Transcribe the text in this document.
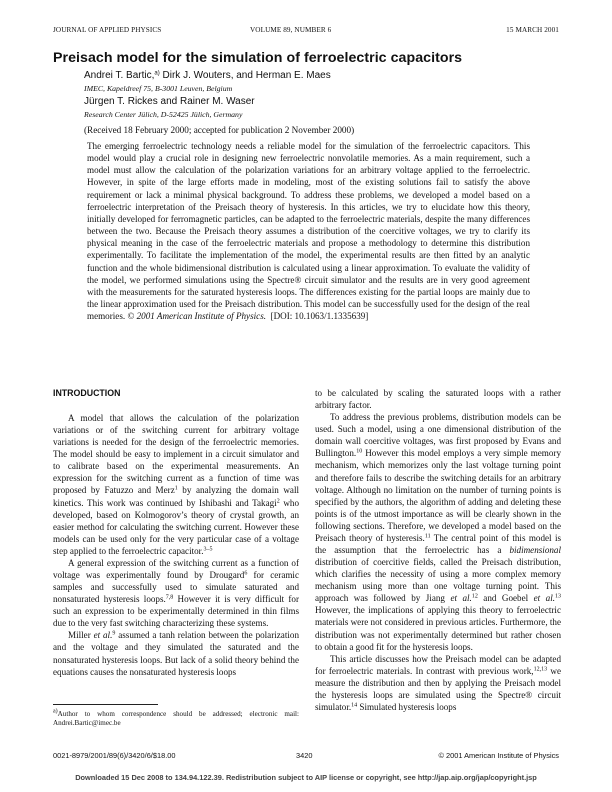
JOURNAL OF APPLIED PHYSICS	VOLUME 89, NUMBER 6	15 MARCH 2001
Preisach model for the simulation of ferroelectric capacitors
Andrei T. Bartic,$^{a)}$ Dirk J. Wouters, and Herman E. Maes
IMEC, Kapeldreef 75, B-3001 Leuven, Belgium
Jürgen T. Rickes and Rainer M. Waser
Research Center Jülich, D-52425 Jülich, Germany
(Received 18 February 2000; accepted for publication 2 November 2000)
The emerging ferroelectric technology needs a reliable model for the simulation of the ferroelectric capacitors. This model would play a crucial role in designing new ferroelectric nonvolatile memories. As a main requirement, such a model must allow the calculation of the polarization variations for an arbitrary voltage applied to the ferroelectric. However, in spite of the large efforts made in modeling, most of the existing solutions fail to satisfy the above requirement or lack a minimal physical background. To address these problems, we developed a model based on a ferroelectric interpretation of the Preisach theory of hysteresis. In this articles, we try to elucidate how this theory, initially developed for ferromagnetic particles, can be adapted to the ferroelectric materials, despite the many differences between the two. Because the Preisach theory assumes a distribution of the coercitive voltages, we try to clarify its physical meaning in the case of the ferroelectric materials and propose a methodology to determine this distribution experimentally. To facilitate the implementation of the model, the experimental results are then fitted by an analytic function and the whole bidimensional distribution is calculated using a linear approximation. To evaluate the validity of the model, we performed simulations using the Spectre® circuit simulator and the results are in very good agreement with the measurements for the saturated hysteresis loops. The differences existing for the partial loops are mainly due to the linear approximation used for the Preisach distribution. This model can be successfully used for the design of the real memories. © 2001 American Institute of Physics.  [DOI: 10.1063/1.1335639]
INTRODUCTION

A model that allows the calculation of the polarization variations or of the switching current for arbitrary voltage variations is needed for the design of the ferroelectric memories. The model should be easy to implement in a circuit simulator and to calibrate based on the experimental measurements. An expression for the switching current as a function of time was proposed by Fatuzzo and Merz$^1$ by analyzing the domain wall kinetics. This work was continued by Ishibashi and Takagi$^2$ who developed, based on Kolmogorov’s theory of crystal growth, an easier method for calculating the switching current. However these models can be used only for the very particular case of a voltage step applied to the ferroelectric capacitor.$^{3-5}$

A general expression of the switching current as a function of voltage was experimentally found by Drougard$^6$ for ceramic samples and successfully used to simulate saturated and nonsaturated hysteresis loops.$^{7,8}$ However it is very difficult for such an expression to be experimentally determined in thin films due to the very fast switching characterizing these systems.

Miller et al.$^9$ assumed a tanh relation between the polarization and the voltage and they simulated the saturated and the nonsaturated hysteresis loops. But lack of a solid theory behind the equations causes the nonsaturated hysteresis loops

to be calculated by scaling the saturated loops with a rather arbitrary factor.

To address the previous problems, distribution models can be used. Such a model, using a one dimensional distribution of the domain wall coercitive voltages, was first proposed by Evans and Bullington.$^{10}$ However this model employs a very simple memory mechanism, which memorizes only the last voltage turning point and therefore fails to describe the switching details for an arbitrary voltage. Although no limitation on the number of turning points is specified by the authors, the algorithm of adding and deleting these points is of the utmost importance as will be clearly shown in the following sections. Therefore, we developed a model based on the Preisach theory of hysteresis.$^{11}$ The central point of this model is the assumption that the ferroelectric has a bidimensional distribution of coercitive fields, called the Preisach distribution, which clarifies the necessity of using a more complex memory mechanism using more than one voltage turning point. This approach was followed by Jiang et al.$^{12}$ and Goebel et al.$^{13}$ However, the implications of applying this theory to ferroelectric materials were not considered in previous articles. Furthermore, the distribution was not experimentally determined but rather chosen to obtain a good fit for the hysteresis loops.

This article discusses how the Preisach model can be adapted for ferroelectric materials. In contrast with previous work,$^{12,13}$ we measure the distribution and then by applying the Preisach model the hysteresis loops are simulated using the Spectre® circuit simulator.$^{14}$ Simulated hysteresis loops

$^{a)}$Author to whom correspondence should be addressed; electronic mail: Andrei.Bartic@imec.be
0021-8979/2001/89(6)/3420/6/$18.00	3420	© 2001 American Institute of Physics
Downloaded 15 Dec 2008 to 134.94.122.39. Redistribution subject to AIP license or copyright, see http://jap.aip.org/jap/copyright.jsp
